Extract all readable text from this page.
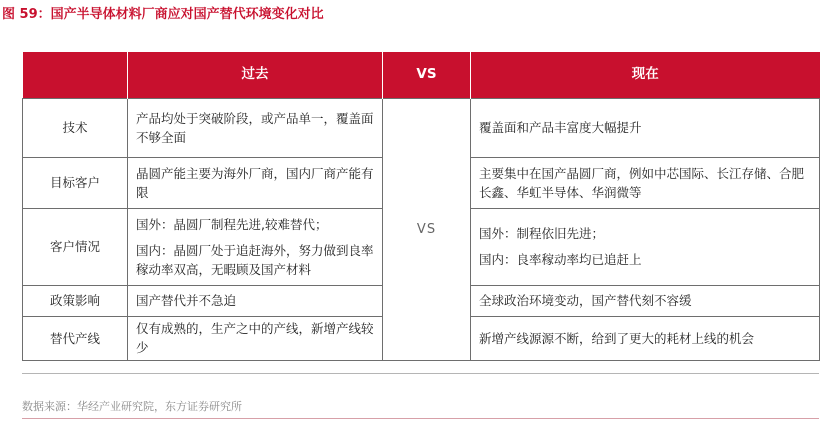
图 59：国产半导体材料厂商应对国产替代环境变化对比
	过去	VS	现在
技术	产品均处于突破阶段，或产品单一，覆盖面不够全面	VS	覆盖面和产品丰富度大幅提升

目标客户	晶圆产能主要为海外厂商，国内厂商产能有限		主要集中在国产晶圆厂商，例如中芯国际、长江存储、合肥长鑫、华虹半导体、华润微等

客户情况	国外：晶圆厂制程先进,较难替代；
国内：晶圆厂处于追赶海外，努力做到良率稼动率双高，无暇顾及国产材料		国外：制程依旧先进；
国内：良率稼动率均已追赶上

政策影响	国产替代并不急迫		全球政治环境变动，国产替代刻不容缓

替代产线	仅有成熟的，生产之中的产线，新增产线较少		新增产线源源不断，给到了更大的耗材上线的机会
数据来源：华经产业研究院，东方证券研究所
